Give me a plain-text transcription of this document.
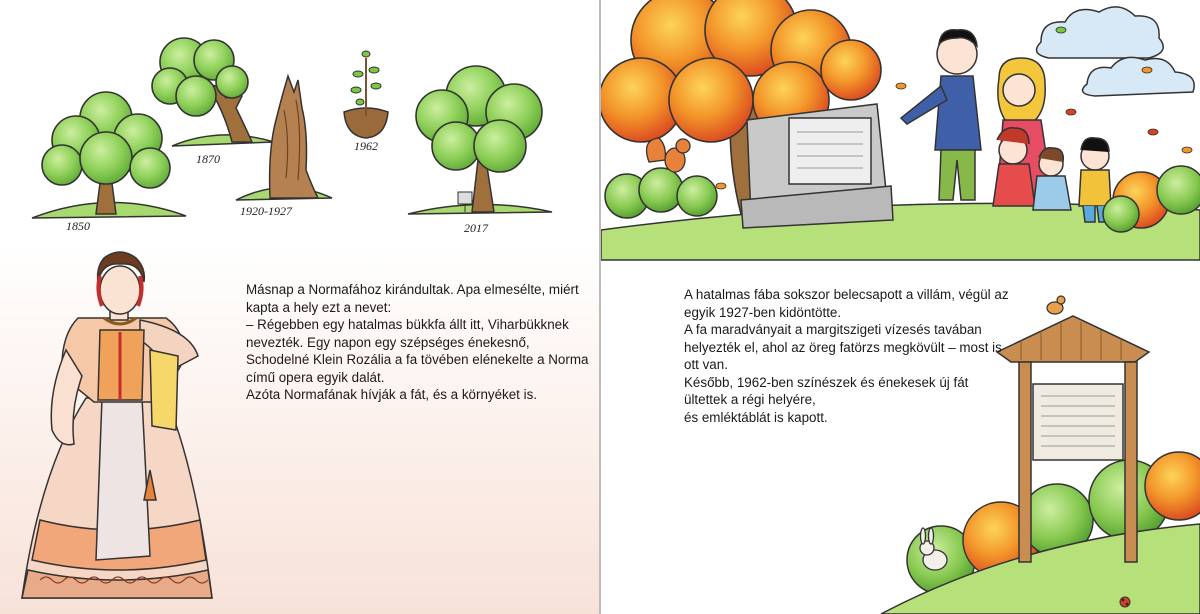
1850
1870
1920-1927
1962
2017

Másnap a Normafához kirándultak. Apa elmesélte, miért kapta a hely ezt a nevet:
– Régebben egy hatalmas bükkfa állt itt, Viharbükknek nevezték. Egy napon egy szépséges énekesnő, Schodelné Klein Rozália a fa tövében elénekelte a Norma című opera egyik dalát.
Azóta Normafának hívják a fát, és a környéket is.

A hatalmas fába sokszor belecsapott a villám, végül az egyik 1927-ben kidöntötte.
A fa maradványait a margitszigeti vízesés tavában helyezték el, ahol az öreg fatörzs megkövült – most is ott van.
Később, 1962-ben színészek és énekesek új fát ültettek a régi helyére,
és emléktáblát is kapott.
